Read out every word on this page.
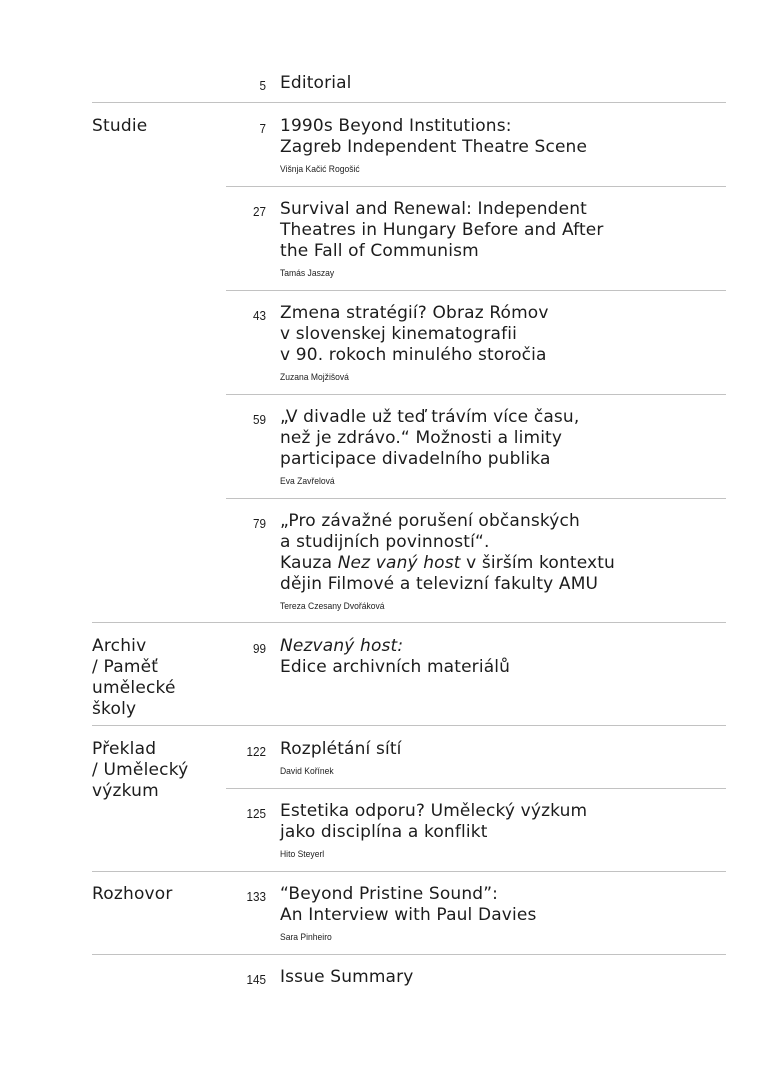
Studie
Archiv
/ Paměť
umělecké
školy
Překlad
/ Umělecký
výzkum
Rozhovor
5 Editorial
7 1990s Beyond Institutions:
Zagreb Independent Theatre Scene
Višnja Kačić Rogošić
27 Survival and Renewal: Independent
Theatres in Hungary Before and After
the Fall of Communism
Tamás Jaszay
43 Zmena stratégií? Obraz Rómov
v slovenskej kinematografii
v 90. rokoch minulého storočia
Zuzana Mojžišová
59 „V divadle už teď trávím více času,
než je zdrávo.“ Možnosti a limity
participace divadelního publika
Eva Zavřelová
79 „Pro závažné porušení občanských
a studijních povinností“.
Kauza Nez vaný host v širším kontextu
dějin Filmové a televizní fakulty AMU
Tereza Czesany Dvořáková
99 Nezvaný host:
Edice archivních materiálů
122 Rozplétání sítí
David Kořínek
125 Estetika odporu? Umělecký výzkum
jako disciplína a konflikt
Hito Steyerl
133 “Beyond Pristine Sound”:
An Interview with Paul Davies
Sara Pinheiro
145 Issue Summary
